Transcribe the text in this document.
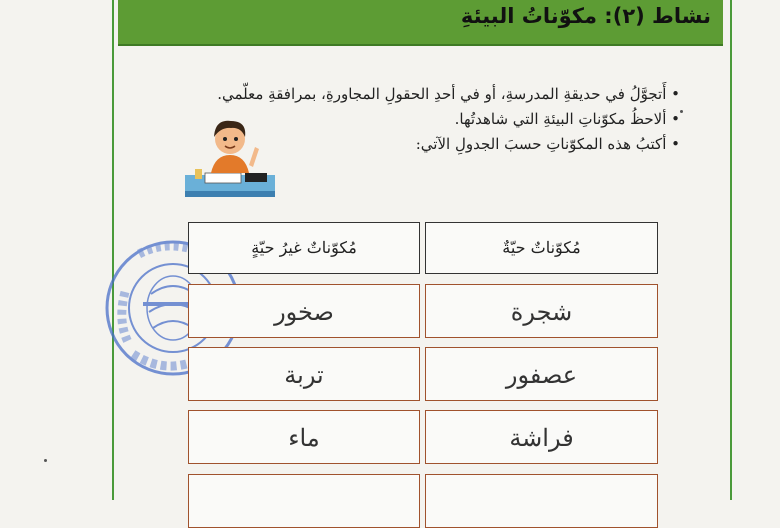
نشاط (٢): مكوّناتُ البيئةِ
• أَتجوَّلُ في حديقةِ المدرسةِ، أو في أحدِ الحقولِ المجاورةِ، بمرافقةِ معلّمي.
• ألاحظُ مكوّناتِ البيئةِ التي شاهدتُها.
• أكتبُ هذه المكوّناتِ حسبَ الجدولِ الآتي:
مُكوّناتٌ حيّةٌ
مُكوّناتٌ غيرُ حيّةٍ
شجرة
صخور
عصفور
تربة
فراشة
ماء
